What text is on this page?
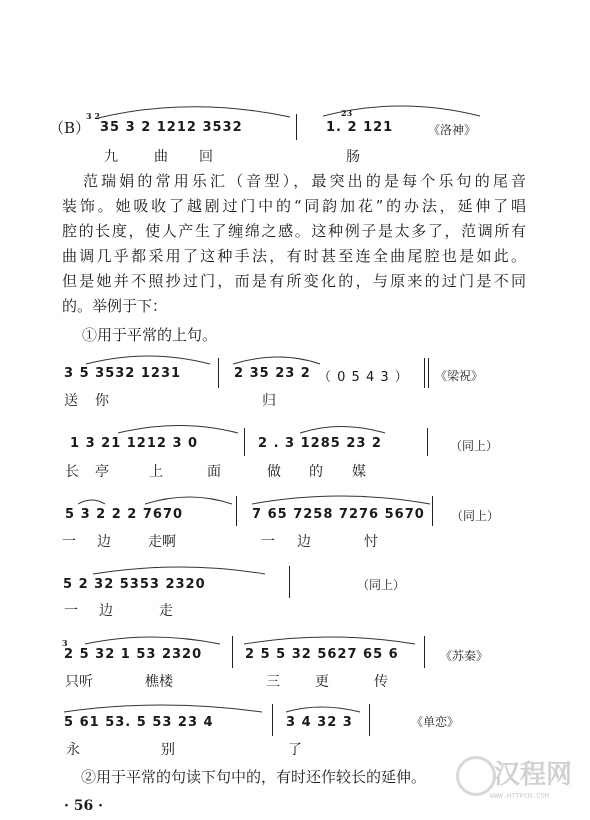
（B）
3 2
35 3 2 1212 3532
23
1. 2 121	《洛神》
九	曲 回	肠
范瑞娟的常用乐汇（音型），最突出的是每个乐句的尾音
装饰。她吸收了越剧过门中的“同韵加花”的办法，延伸了唱
腔的长度，使人产生了缠绵之感。这种例子是太多了，范调所有
曲调几乎都采用了这种手法，有时甚至连全曲尾腔也是如此。
但是她并不照抄过门，而是有所变化的，与原来的过门是不同
的。举例于下：
①用于平常的上句。
3 5 3532 1231	2 35 23 2 （ 0 5 4 3 ） 《梁祝》
送 你	归
1 3 21 1212 3 0	2 . 3 1285 23 2	（同上）
长 亭	上	面	做 的 媒
5 3 2 2 2 7670	7 65 7258 7276 5670 （同上）
一 边	走啊	一 边	忖
5 2 32 5353 2320	（同上）
一 边	走
3
2 5 32 1 53 2320	2 5 5 32 5627 65 6	《苏秦》
只听	樵楼	三	更	传
5 61 53. 5 53 23 4	3 4 32 3	《单恋》
永	别	了
②用于平常的句读下句中的，有时还作较长的延伸。
· 56 ·
汉程网
WWW.HTTPCN.COM
